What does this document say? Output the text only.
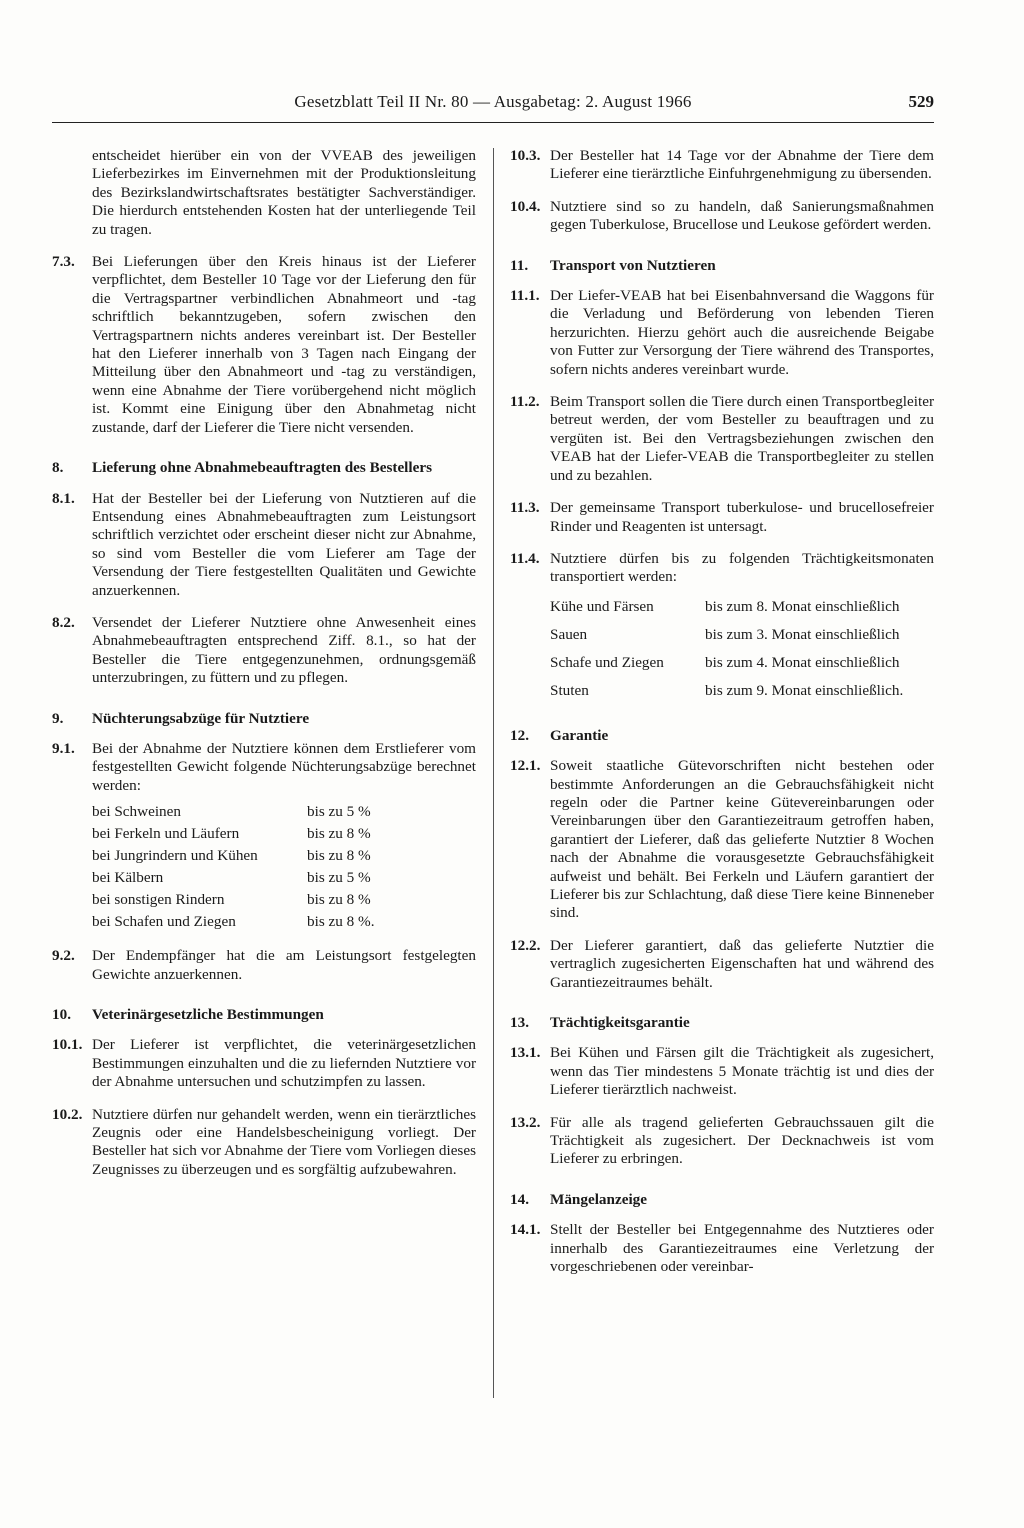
Gesetzblatt Teil II Nr. 80 — Ausgabetag: 2. August 1966	529
entscheidet hierüber ein von der VVEAB des jeweiligen Lieferbezirkes im Einvernehmen mit der Produktionsleitung des Bezirkslandwirtschaftsrates bestätigter Sachverständiger. Die hierdurch entstehenden Kosten hat der unterliegende Teil zu tragen.
7.3.	Bei Lieferungen über den Kreis hinaus ist der Lieferer verpflichtet, dem Besteller 10 Tage vor der Lieferung den für die Vertragspartner verbindlichen Abnahmeort und -tag schriftlich bekanntzugeben, sofern zwischen den Vertragspartnern nichts anderes vereinbart ist. Der Besteller hat den Lieferer innerhalb von 3 Tagen nach Eingang der Mitteilung über den Abnahmeort und -tag zu verständigen, wenn eine Abnahme der Tiere vorübergehend nicht möglich ist. Kommt eine Einigung über den Abnahmetag nicht zustande, darf der Lieferer die Tiere nicht versenden.
8.	Lieferung ohne Abnahmebeauftragten des Bestellers
8.1.	Hat der Besteller bei der Lieferung von Nutztieren auf die Entsendung eines Abnahmebeauftragten zum Leistungsort schriftlich verzichtet oder erscheint dieser nicht zur Abnahme, so sind vom Besteller die vom Lieferer am Tage der Versendung der Tiere festgestellten Qualitäten und Gewichte anzuerkennen.
8.2.	Versendet der Lieferer Nutztiere ohne Anwesenheit eines Abnahmebeauftragten entsprechend Ziff. 8.1., so hat der Besteller die Tiere entgegenzunehmen, ordnungsgemäß unterzubringen, zu füttern und zu pflegen.
9.	Nüchterungsabzüge für Nutztiere
9.1.	Bei der Abnahme der Nutztiere können dem Erstlieferer vom festgestellten Gewicht folgende Nüchterungsabzüge berechnet werden:
bei Schweinen	bis zu 5 %
bei Ferkeln und Läufern	bis zu 8 %
bei Jungrindern und Kühen	bis zu 8 %
bei Kälbern	bis zu 5 %
bei sonstigen Rindern	bis zu 8 %
bei Schafen und Ziegen	bis zu 8 %.
9.2.	Der Endempfänger hat die am Leistungsort festgelegten Gewichte anzuerkennen.
10.	Veterinärgesetzliche Bestimmungen
10.1. Der Lieferer ist verpflichtet, die veterinärgesetzlichen Bestimmungen einzuhalten und die zu liefernden Nutztiere vor der Abnahme untersuchen und schutzimpfen zu lassen.
10.2. Nutztiere dürfen nur gehandelt werden, wenn ein tierärztliches Zeugnis oder eine Handelsbescheinigung vorliegt. Der Besteller hat sich vor Abnahme der Tiere vom Vorliegen dieses Zeugnisses zu überzeugen und es sorgfältig aufzubewahren.
10.3. Der Besteller hat 14 Tage vor der Abnahme der Tiere dem Lieferer eine tierärztliche Einfuhrgenehmigung zu übersenden.
10.4. Nutztiere sind so zu handeln, daß Sanierungsmaßnahmen gegen Tuberkulose, Brucellose und Leukose gefördert werden.
11.	Transport von Nutztieren
11.1. Der Liefer-VEAB hat bei Eisenbahnversand die Waggons für die Verladung und Beförderung von lebenden Tieren herzurichten. Hierzu gehört auch die ausreichende Beigabe von Futter zur Versorgung der Tiere während des Transportes, sofern nichts anderes vereinbart wurde.
11.2. Beim Transport sollen die Tiere durch einen Transportbegleiter betreut werden, der vom Besteller zu beauftragen und zu vergüten ist. Bei den Vertragsbeziehungen zwischen den VEAB hat der Liefer-VEAB die Transportbegleiter zu stellen und zu bezahlen.
11.3. Der gemeinsame Transport tuberkulose- und brucellosefreier Rinder und Reagenten ist untersagt.
11.4. Nutztiere dürfen bis zu folgenden Trächtigkeitsmonaten transportiert werden:
Kühe und Färsen	bis zum 8. Monat einschließlich
Sauen	bis zum 3. Monat einschließlich
Schafe und Ziegen	bis zum 4. Monat einschließlich
Stuten	bis zum 9. Monat einschließlich.
12.	Garantie
12.1. Soweit staatliche Gütevorschriften nicht bestehen oder bestimmte Anforderungen an die Gebrauchsfähigkeit nicht regeln oder die Partner keine Gütevereinbarungen oder Vereinbarungen über den Garantiezeitraum getroffen haben, garantiert der Lieferer, daß das gelieferte Nutztier 8 Wochen nach der Abnahme die vorausgesetzte Gebrauchsfähigkeit aufweist und behält. Bei Ferkeln und Läufern garantiert der Lieferer bis zur Schlachtung, daß diese Tiere keine Binneneber sind.
12.2. Der Lieferer garantiert, daß das gelieferte Nutztier die vertraglich zugesicherten Eigenschaften hat und während des Garantiezeitraumes behält.
13.	Trächtigkeitsgarantie
13.1. Bei Kühen und Färsen gilt die Trächtigkeit als zugesichert, wenn das Tier mindestens 5 Monate trächtig ist und dies der Lieferer tierärztlich nachweist.
13.2. Für alle als tragend gelieferten Gebrauchssauen gilt die Trächtigkeit als zugesichert. Der Decknachweis ist vom Lieferer zu erbringen.
14.	Mängelanzeige
14.1. Stellt der Besteller bei Entgegennahme des Nutztieres oder innerhalb des Garantiezeitraumes eine Verletzung der vorgeschriebenen oder vereinbar-
